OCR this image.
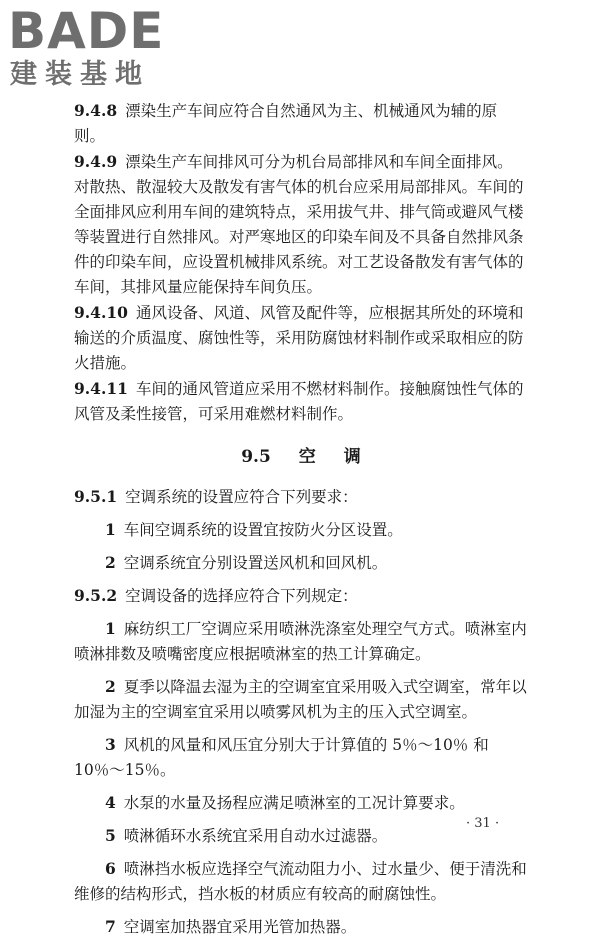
BADE
建装基地

9.4.8 漂染生产车间应符合自然通风为主、机械通风为辅的原则。

9.4.9 漂染生产车间排风可分为机台局部排风和车间全面排风。对散热、散湿较大及散发有害气体的机台应采用局部排风。车间的全面排风应利用车间的建筑特点，采用拔气井、排气筒或避风气楼等装置进行自然排风。对严寒地区的印染车间及不具备自然排风条件的印染车间，应设置机械排风系统。对工艺设备散发有害气体的车间，其排风量应能保持车间负压。

9.4.10 通风设备、风道、风管及配件等，应根据其所处的环境和输送的介质温度、腐蚀性等，采用防腐蚀材料制作或采取相应的防火措施。

9.4.11 车间的通风管道应采用不燃材料制作。接触腐蚀性气体的风管及柔性接管，可采用难燃材料制作。

9.5 空 调

9.5.1 空调系统的设置应符合下列要求：

1 车间空调系统的设置宜按防火分区设置。

2 空调系统宜分别设置送风机和回风机。

9.5.2 空调设备的选择应符合下列规定：

1 麻纺织工厂空调应采用喷淋洗涤室处理空气方式。喷淋室内喷淋排数及喷嘴密度应根据喷淋室的热工计算确定。

2 夏季以降温去湿为主的空调室宜采用吸入式空调室，常年以加湿为主的空调室宜采用以喷雾风机为主的压入式空调室。

3 风机的风量和风压宜分别大于计算值的 5％～10％ 和 10％～15％。

4 水泵的水量及扬程应满足喷淋室的工况计算要求。

5 喷淋循环水系统宜采用自动水过滤器。

6 喷淋挡水板应选择空气流动阻力小、过水量少、便于清洗和维修的结构形式，挡水板的材质应有较高的耐腐蚀性。

7 空调室加热器宜采用光管加热器。

· 31 ·
